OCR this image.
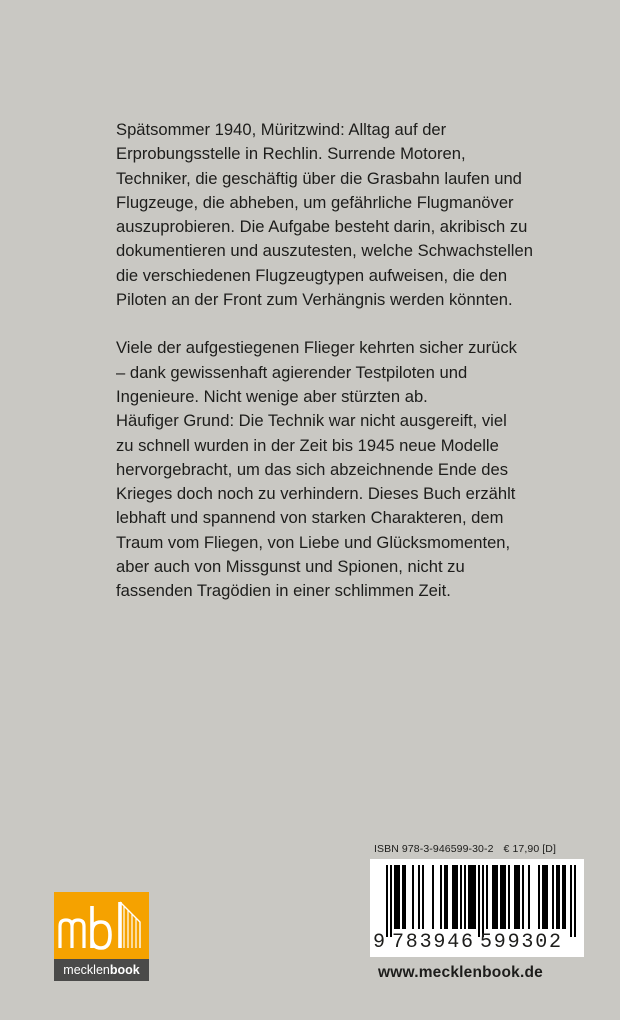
Spätsommer 1940, Müritzwind: Alltag auf der
Erprobungsstelle in Rechlin. Surrende Motoren,
Techniker, die geschäftig über die Grasbahn laufen und
Flugzeuge, die abheben, um gefährliche Flugmanöver
auszuprobieren. Die Aufgabe besteht darin, akribisch zu
dokumentieren und auszutesten, welche Schwachstellen
die verschiedenen Flugzeugtypen aufweisen, die den
Piloten an der Front zum Verhängnis werden könnten.

Viele der aufgestiegenen Flieger kehrten sicher zurück
– dank gewissenhaft agierender Testpiloten und
Ingenieure. Nicht wenige aber stürzten ab.
Häufiger Grund: Die Technik war nicht ausgereift, viel
zu schnell wurden in der Zeit bis 1945 neue Modelle
hervorgebracht, um das sich abzeichnende Ende des
Krieges doch noch zu verhindern. Dieses Buch erzählt
lebhaft und spannend von starken Charakteren, dem
Traum vom Fliegen, von Liebe und Glücksmomenten,
aber auch von Missgunst und Spionen, nicht zu
fassenden Tragödien in einer schlimmen Zeit.

ISBN 978-3-946599-30-2 € 17,90 [D]
9 783946 599302
www.mecklenbook.de
mecklenbook
